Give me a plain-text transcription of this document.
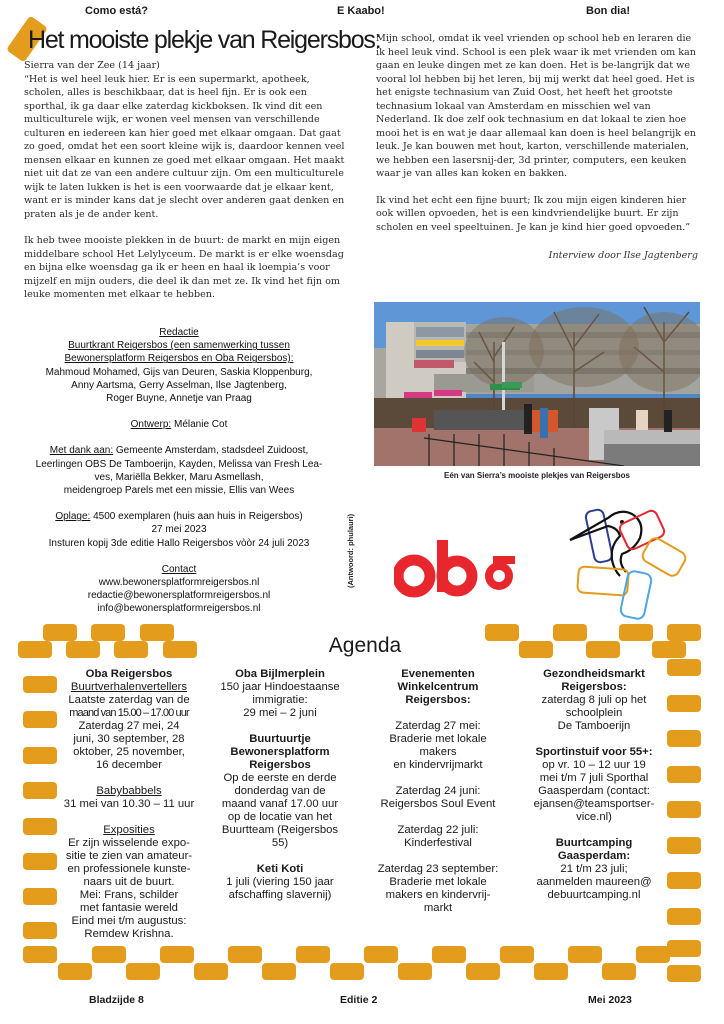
Como está?	E Kaabo!	Bon dia!
Het mooiste plekje van Reigersbos:

Sierra van der Zee (14 jaar)

“Het is wel heel leuk hier. Er is een supermarkt, apotheek, scholen, alles is beschikbaar, dat is heel fijn. Er is ook een sporthal, ik ga daar elke zaterdag kickboksen. Ik vind dit een multiculturele wijk, er wonen veel mensen van verschillende culturen en iedereen kan hier goed met elkaar omgaan. Dat gaat zo goed, omdat het een soort kleine wijk is, daardoor kennen veel mensen elkaar en kunnen ze goed met elkaar omgaan. Het maakt niet uit dat ze van een andere cultuur zijn. Om een multiculturele wijk te laten lukken is het is een voorwaarde dat je elkaar kent, want er is minder kans dat je slecht over anderen gaat denken en praten als je de ander kent.

Ik heb twee mooiste plekken in de buurt: de markt en mijn eigen middelbare school Het Lelylyceum. De markt is er elke woensdag en bijna elke woensdag ga ik er heen en haal ik loempia’s voor mijzelf en mijn ouders, die deel ik dan met ze. Ik vind het fijn om leuke momenten met elkaar te hebben.

Mijn school, omdat ik veel vrienden op school heb en leraren die ik heel leuk vind. School is een plek waar ik met vrienden om kan gaan en leuke dingen met ze kan doen. Het is be-langrijk dat we vooral lol hebben bij het leren, bij mij werkt dat heel goed. Het is het enigste technasium van Zuid Oost, het heeft het grootste technasium lokaal van Amsterdam en misschien wel van Nederland. Ik doe zelf ook technasium en dat lokaal te zien hoe mooi het is en wat je daar allemaal kan doen is heel belangrijk en leuk. Je kan bouwen met hout, karton, verschillende materialen, we hebben een lasersnij-der, 3d printer, computers, een keuken waar je van alles kan koken en bakken.

Ik vind het echt een fijne buurt; Ik zou mijn eigen kinderen hier ook willen opvoeden, het is een kindvriendelijke buurt. Er zijn scholen en veel speeltuinen. Je kan je kind hier goed opvoeden.”

Interview door Ilse Jagtenberg

Redactie
Buurtkrant Reigersbos (een samenwerking tussen
Bewonersplatform Reigersbos en Oba Reigersbos):
Mahmoud Mohamed, Gijs van Deuren, Saskia Kloppenburg,
Anny Aartsma, Gerry Asselman, Ilse Jagtenberg,
Roger Buyne, Annetje van Praag
Ontwerp: Mélanie Cot
Met dank aan: Gemeente Amsterdam, stadsdeel Zuidoost,
Leerlingen OBS De Tamboerijn, Kayden, Melissa van Fresh Lea-
ves, Mariëlla Bekker, Maru Asmellash,
meidengroep Parels met een missie, Ellis van Wees
Oplage: 4500 exemplaren (huis aan huis in Reigersbos)
27 mei 2023
Insturen kopij 3de editie Hallo Reigersbos vòòr 24 juli 2023
Contact
www.bewonersplatformreigersbos.nl
redactie@bewonersplatformreigersbos.nl
info@bewonersplatformreigersbos.nl
Eén van Sierra’s mooiste plekjes van Reigersbos
(Antwoord: phulauri)
Agenda
Oba Reigersbos
Buurtverhalenvertellers
Laatste zaterdag van de
maand van 15.00 – 17.00 uur
Zaterdag 27 mei, 24
juni, 30 september, 28
oktober, 25 november,
16 december
Babybabbels
31 mei van 10.30 – 11 uur
Exposities
Er zijn wisselende expo-
sitie te zien van amateur-
en professionele kunste-
naars uit de buurt.
Mei: Frans, schilder
met fantasie wereld
Eind mei t/m augustus:
Remdew Krishna.
Oba Bijlmerplein
150 jaar Hindoestaanse
immigratie:
29 mei – 2 juni
Buurtuurtje
Bewonersplatform
Reigersbos
Op de eerste en derde
donderdag van de
maand vanaf 17.00 uur
op de locatie van het
Buurtteam (Reigersbos
55)
Keti Koti
1 juli (viering 150 jaar
afschaffing slavernij)
Evenementen
Winkelcentrum
Reigersbos:
Zaterdag 27 mei:
Braderie met lokale
makers
en kindervrijmarkt
Zaterdag 24 juni:
Reigersbos Soul Event
Zaterdag 22 juli:
Kinderfestival
Zaterdag 23 september:
Braderie met lokale
makers en kindervrij-
markt
Gezondheidsmarkt
Reigersbos:
zaterdag 8 juli op het
schoolplein
De Tamboerijn
Sportinstuif voor 55+:
op vr. 10 – 12 uur 19
mei t/m 7 juli Sporthal
Gaasperdam (contact:
ejansen@teamsportser-
vice.nl)
Buurtcamping
Gaasperdam:
21 t/m 23 juli;
aanmelden maureen@
debuurtcamping.nl
Bladzijde 8	Editie 2	Mei 2023
